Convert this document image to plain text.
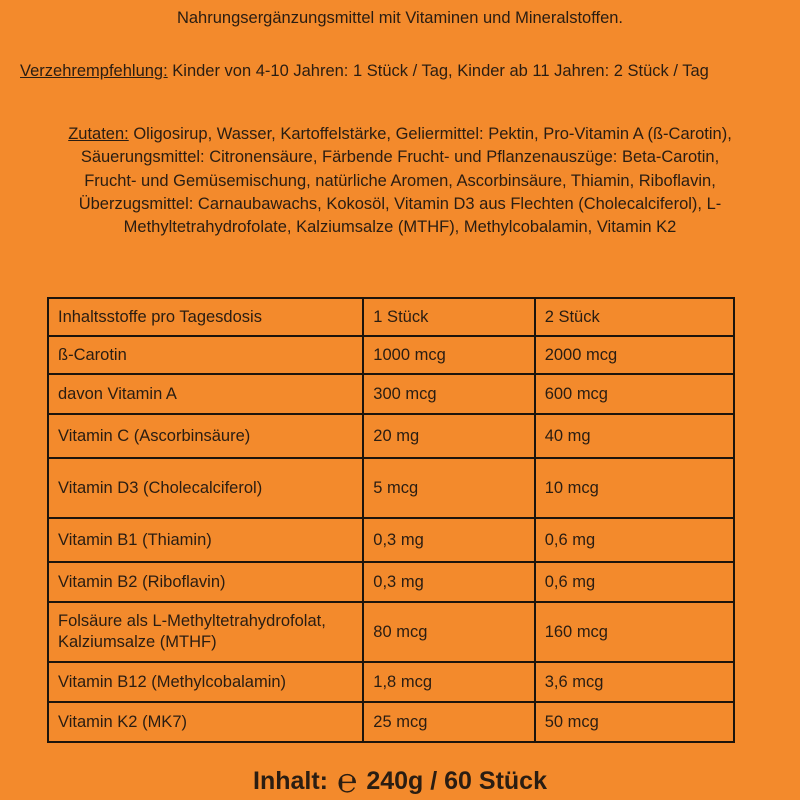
Nahrungsergänzungsmittel mit Vitaminen und Mineralstoffen.
Verzehrempfehlung: Kinder von 4-10 Jahren: 1 Stück / Tag, Kinder ab 11 Jahren: 2 Stück / Tag
Zutaten: Oligosirup, Wasser, Kartoffelstärke, Geliermittel: Pektin, Pro-Vitamin A (ß-Carotin), Säuerungsmittel: Citronensäure, Färbende Frucht- und Pflanzenauszüge: Beta-Carotin, Frucht- und Gemüsemischung, natürliche Aromen, Ascorbinsäure, Thiamin, Riboflavin, Überzugsmittel: Carnaubawachs, Kokosöl, Vitamin D3 aus Flechten (Cholecalciferol), L-Methyltetrahydrofolate, Kalziumsalze (MTHF), Methylcobalamin, Vitamin K2
Inhaltsstoffe pro Tagesdosis	1 Stück	2 Stück
ß-Carotin	1000 mcg	2000 mcg
davon Vitamin A	300 mcg	600 mcg
Vitamin C (Ascorbinsäure)	20 mg	40 mg
Vitamin D3 (Cholecalciferol)	5 mcg	10 mcg
Vitamin B1 (Thiamin)	0,3 mg	0,6 mg
Vitamin B2 (Riboflavin)	0,3 mg	0,6 mg
Folsäure als L-Methyltetrahydrofolat, Kalziumsalze (MTHF)	80 mcg	160 mcg
Vitamin B12 (Methylcobalamin)	1,8 mcg	3,6 mcg
Vitamin K2 (MK7)	25 mcg	50 mcg
Inhalt: ℮ 240g / 60 Stück
